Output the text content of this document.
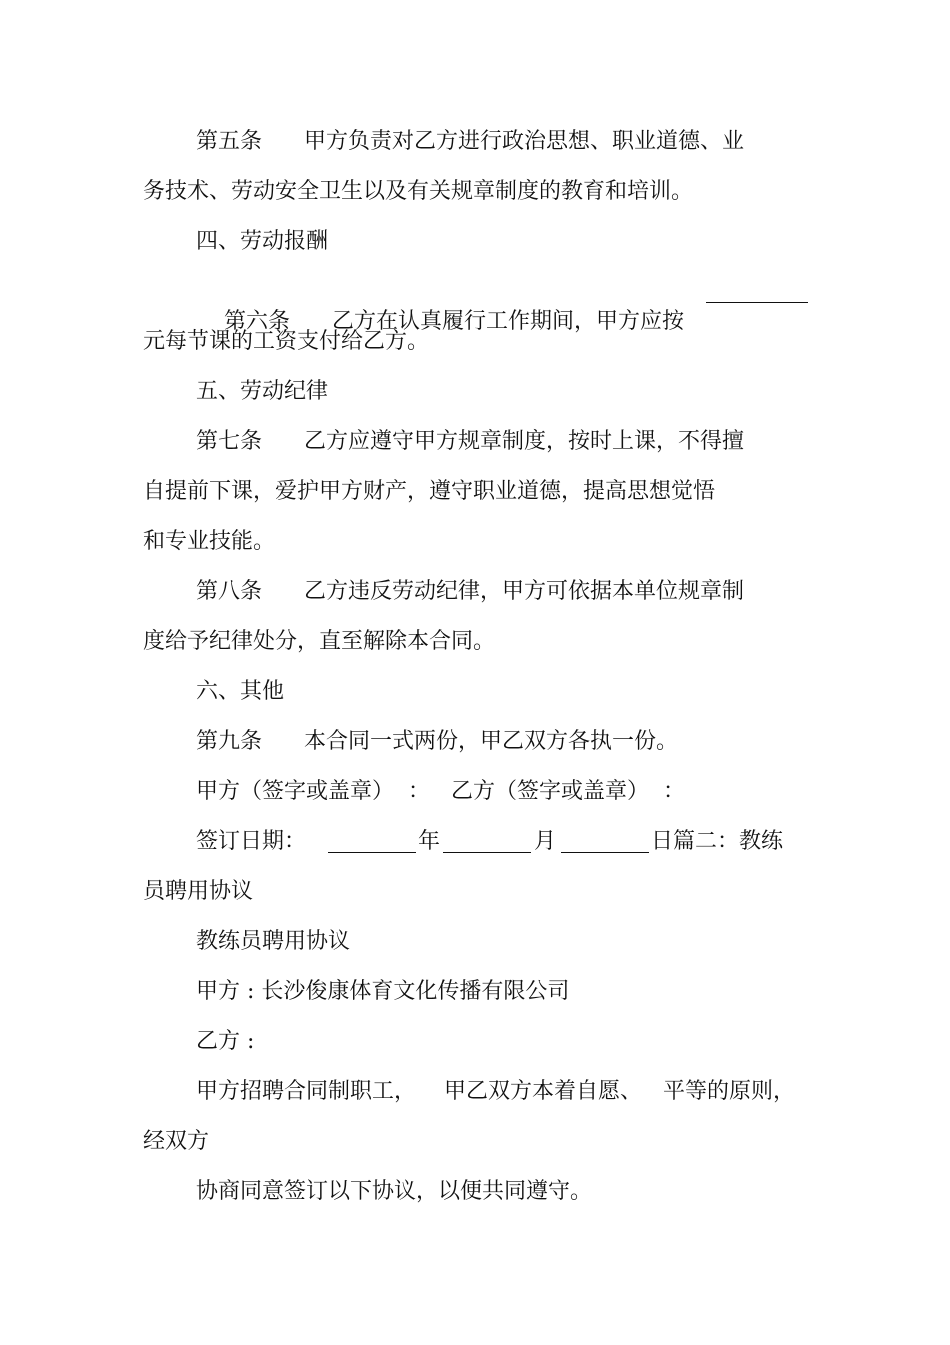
第五条      甲方负责对乙方进行政治思想、职业道德、业
务技术、劳动安全卫生以及有关规章制度的教育和培训。
四、劳动报酬

第六条      乙方在认真履行工作期间，甲方应按

元每节课的工资支付给乙方。
五、劳动纪律
第七条      乙方应遵守甲方规章制度，按时上课，不得擅
自提前下课，爱护甲方财产，遵守职业道德，提高思想觉悟
和专业技能。
第八条      乙方违反劳动纪律，甲方可依据本单位规章制
度给予纪律处分，直至解除本合同。
六、其他
第九条      本合同一式两份，甲乙双方各执一份。
甲方（签字或盖章）  ：   乙方（签字或盖章）  ：
签订日期：	年	月	日篇二：教练
员聘用协议
教练员聘用协议
甲方 : 长沙俊康体育文化传播有限公司
乙方 :
甲方招聘合同制职工，    甲乙双方本着自愿、   平等的原则，
经双方
协商同意签订以下协议，以便共同遵守。
